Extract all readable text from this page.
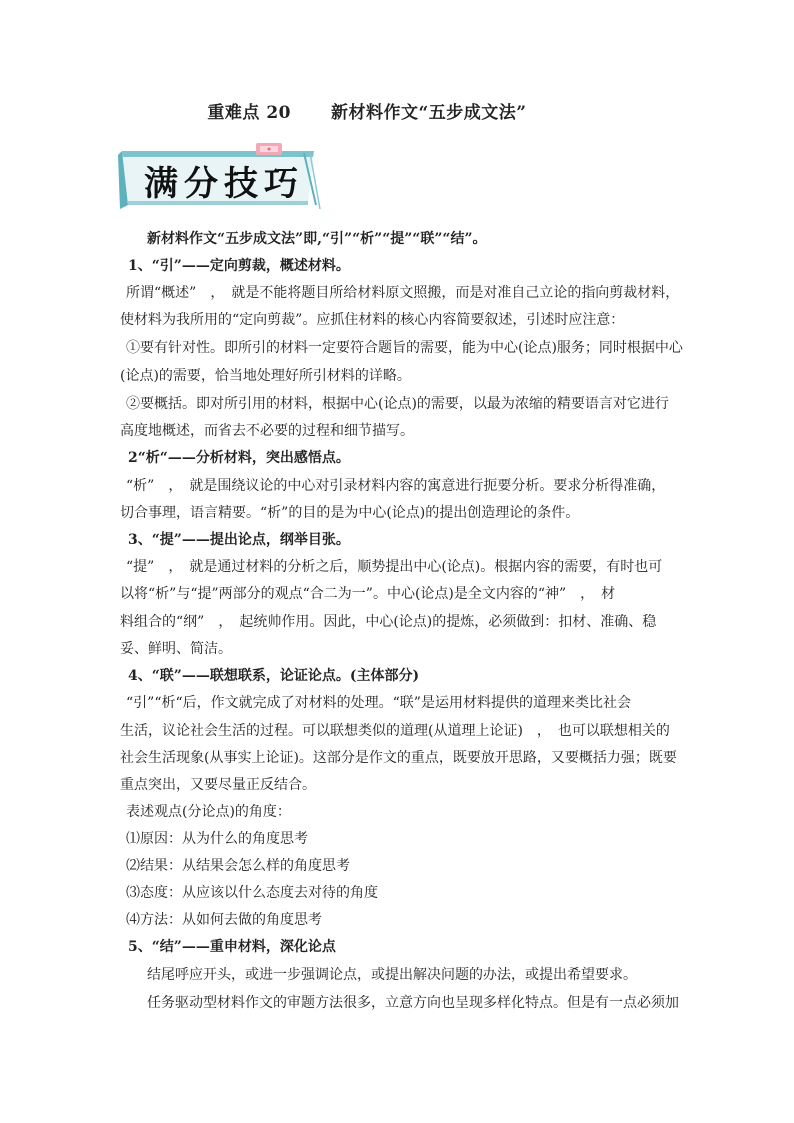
重难点 20 新材料作文“五步成文法”
满分技巧
新材料作文“五步成文法”即,“引”“析”“提”“联”“结”。
1、“引”——定向剪裁，概述材料。
所谓“概述”　，　就是不能将题目所给材料原文照搬，而是对准自己立论的指向剪裁材料，
使材料为我所用的“定向剪裁”。应抓住材料的核心内容简要叙述，引述时应注意：
①要有针对性。即所引的材料一定要符合题旨的需要，能为中心(论点)服务；同时根据中心
(论点)的需要，恰当地处理好所引材料的详略。
②要概括。即对所引用的材料，根据中心(论点)的需要，以最为浓缩的精要语言对它进行
高度地概述，而省去不必要的过程和细节描写。
2“析“——分析材料，突出感悟点。
“析”　，　就是围绕议论的中心对引录材料内容的寓意进行扼要分析。要求分析得准确，
切合事理，语言精要。“析”的目的是为中心(论点)的提出创造理论的条件。
3、“提”——提出论点，纲举目张。
“提”　，　就是通过材料的分析之后，顺势提出中心(论点)。根据内容的需要，有时也可
以将“析”与“提”两部分的观点“合二为一”。中心(论点)是全文内容的“神”　，　材
料组合的“纲”　，　起统帅作用。因此，中心(论点)的提炼，必须做到：扣材、准确、稳
妥、鲜明、简洁。
4、“联”——联想联系，论证论点。(主体部分)
“引”“析“后，作文就完成了对材料的处理。“联”是运用材料提供的道理来类比社会
生活，议论社会生活的过程。可以联想类似的道理(从道理上论证)　，　也可以联想相关的
社会生活现象(从事实上论证)。这部分是作文的重点，既要放开思路，又要概括力强；既要
重点突出，又要尽量正反结合。
表述观点(分论点)的角度：
⑴原因：从为什么的角度思考
⑵结果：从结果会怎么样的角度思考
⑶态度：从应该以什么态度去对待的角度
⑷方法：从如何去做的角度思考
5、“结”——重申材料，深化论点
结尾呼应开头，或进一步强调论点，或提出解决问题的办法，或提出希望要求。
任务驱动型材料作文的审题方法很多，立意方向也呈现多样化特点。但是有一点必须加
